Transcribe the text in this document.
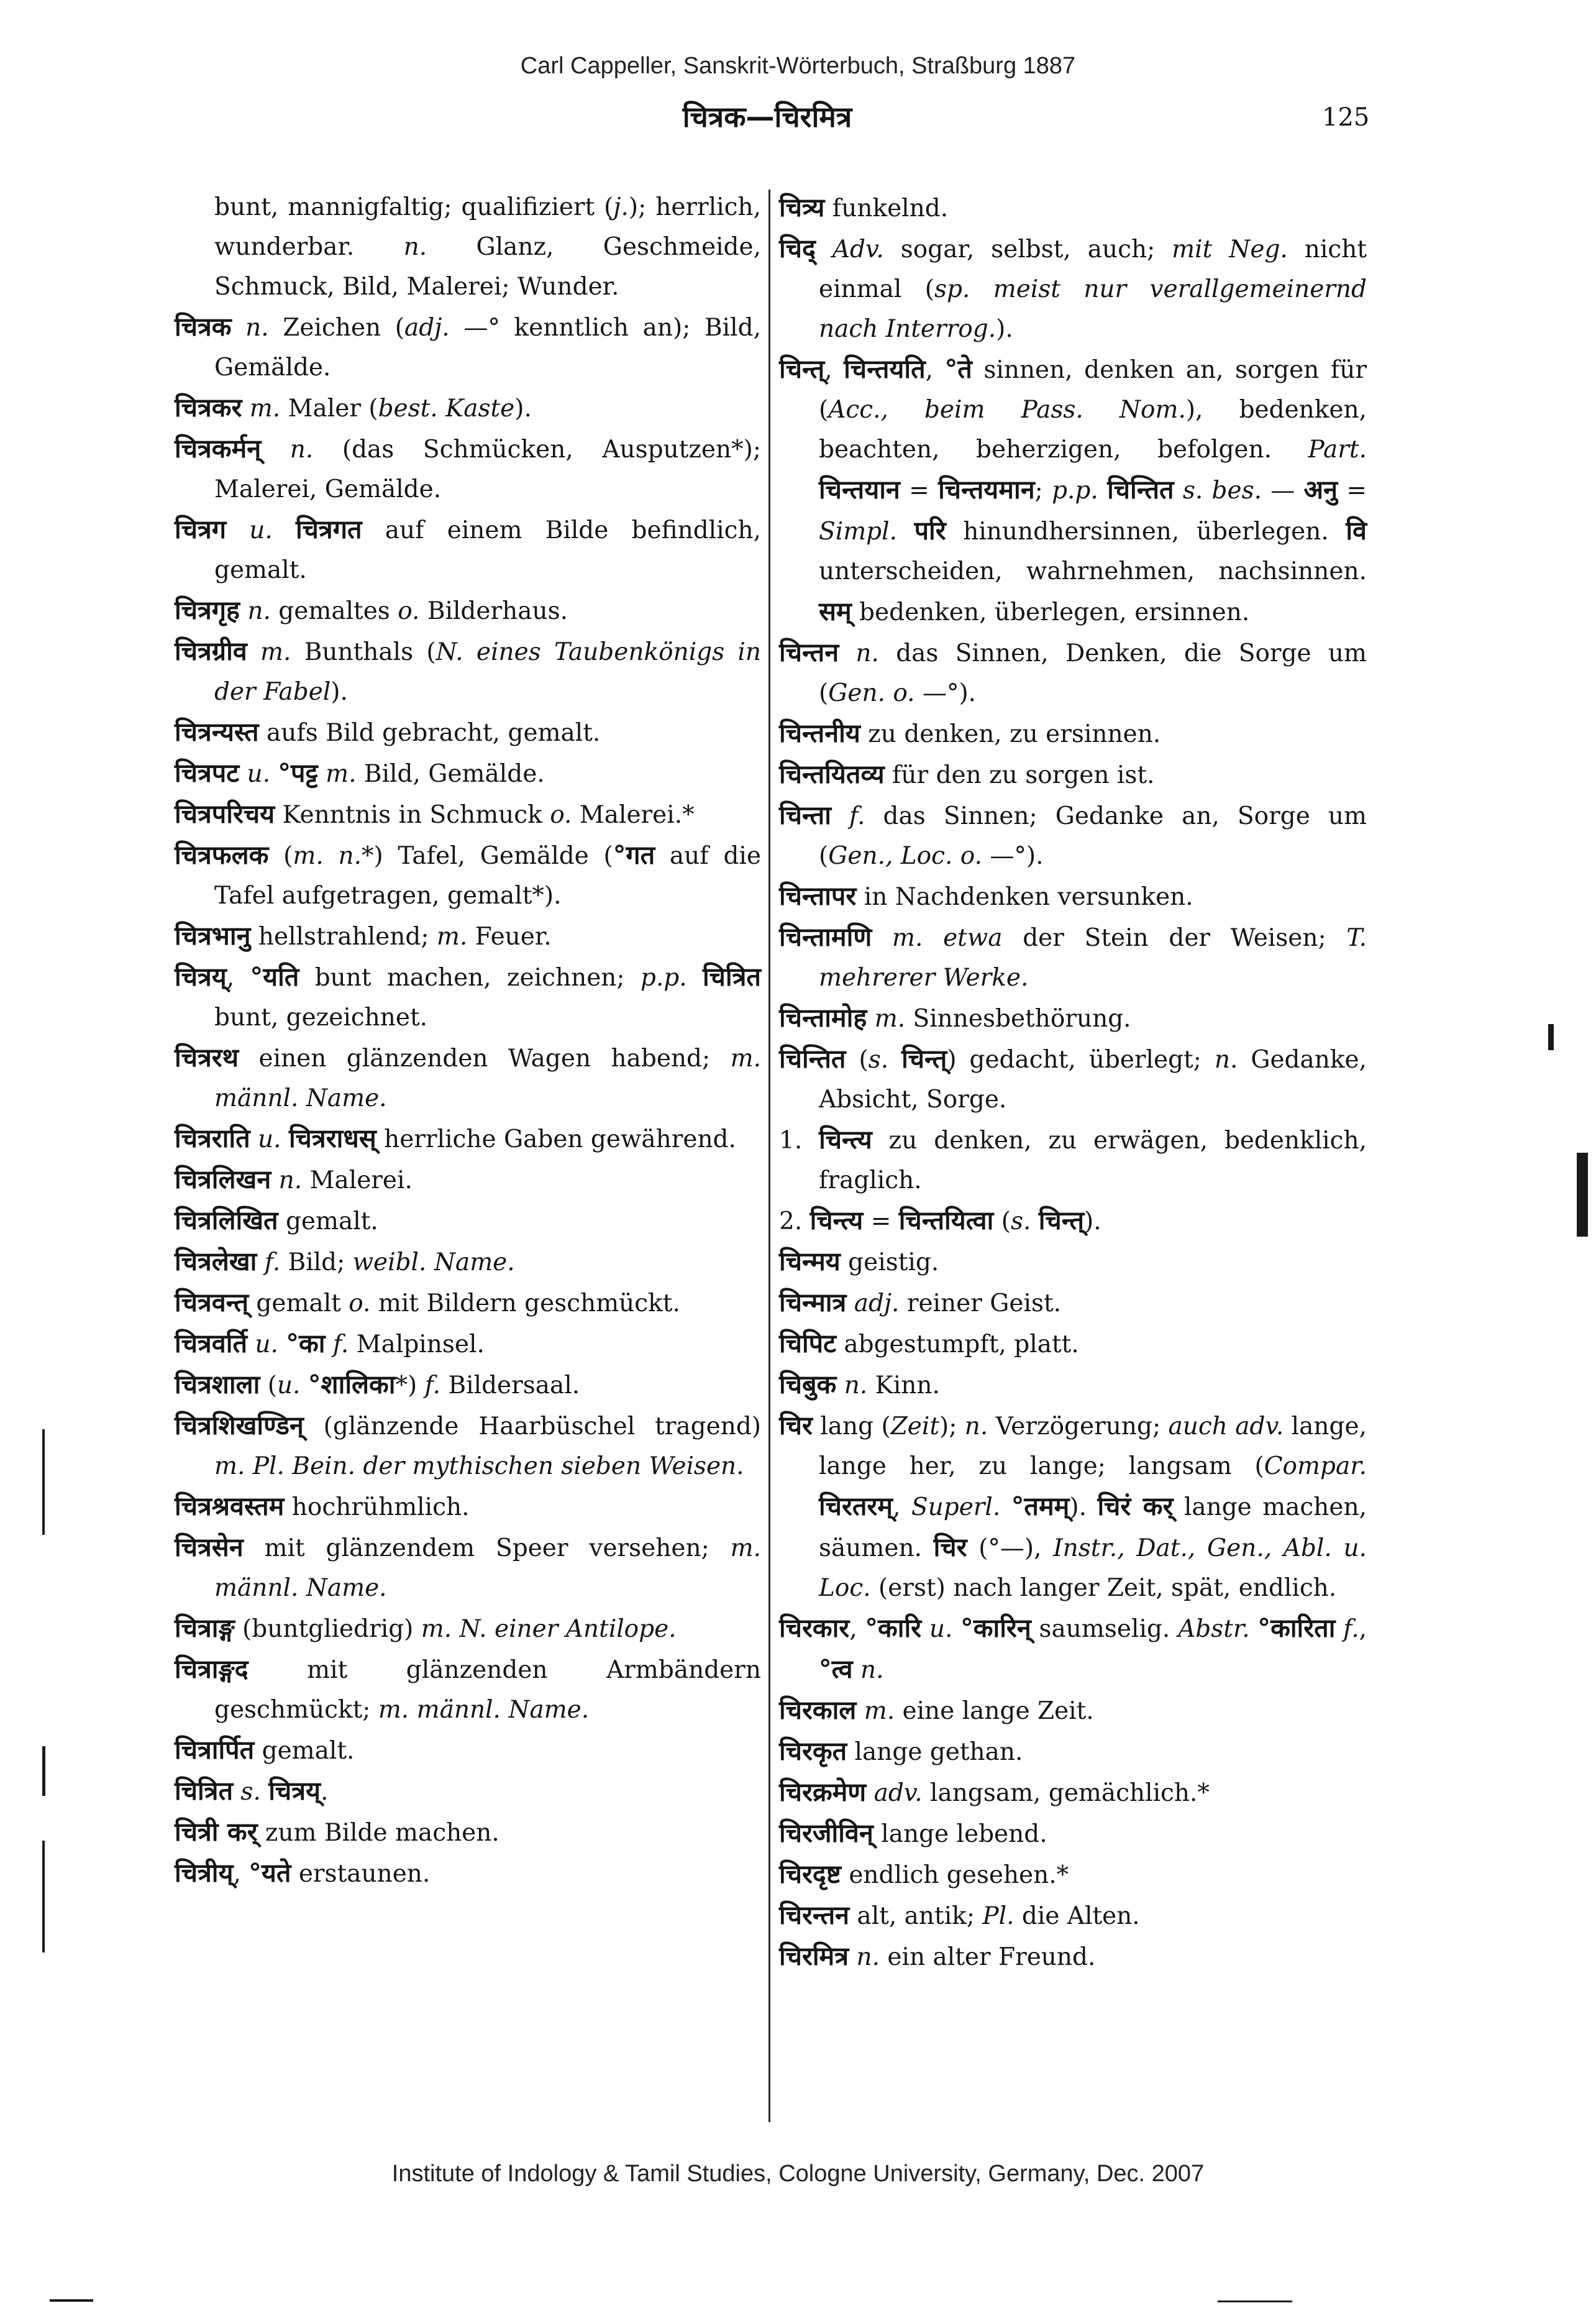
Carl Cappeller, Sanskrit-Wörterbuch, Straßburg 1887
चित्रक—चिरमित्र	125
bunt, mannigfaltig; qualifiziert (j.); herrlich, wunderbar. n. Glanz, Geschmeide, Schmuck, Bild, Malerei; Wunder.
चित्रक n. Zeichen (adj. —° kenntlich an); Bild, Gemälde.
चित्रकर m. Maler (best. Kaste).
चित्रकर्मन् n. (das Schmücken, Ausputzen*); Malerei, Gemälde.
चित्रग u. चित्रगत auf einem Bilde befindlich, gemalt.
चित्रगृह n. gemaltes o. Bilderhaus.
चित्रग्रीव m. Bunthals (N. eines Taubenkönigs in der Fabel).
चित्रन्यस्त aufs Bild gebracht, gemalt.
चित्रपट u. °पट्ट m. Bild, Gemälde.
चित्रपरिचय Kenntnis in Schmuck o. Malerei.*
चित्रफलक (m. n.*) Tafel, Gemälde (°गत auf die Tafel aufgetragen, gemalt*).
चित्रभानु hellstrahlend; m. Feuer.
चित्रय्, °यति bunt machen, zeichnen; p.p. चित्रित bunt, gezeichnet.
चित्ररथ einen glänzenden Wagen habend; m. männl. Name.
चित्रराति u. चित्रराधस् herrliche Gaben gewährend.
चित्रलिखन n. Malerei.
चित्रलिखित gemalt.
चित्रलेखा f. Bild; weibl. Name.
चित्रवन्त् gemalt o. mit Bildern geschmückt.
चित्रवर्ति u. °का f. Malpinsel.
चित्रशाला (u. °शालिका*) f. Bildersaal.
चित्रशिखण्डिन् (glänzende Haarbüschel tragend) m. Pl. Bein. der mythischen sieben Weisen.
चित्रश्रवस्तम hochrühmlich.
चित्रसेन mit glänzendem Speer versehen; m. männl. Name.
चित्राङ्ग (buntgliedrig) m. N. einer Antilope.
चित्राङ्गद mit glänzenden Armbändern geschmückt; m. männl. Name.
चित्रार्पित gemalt.
चित्रित s. चित्रय्.
चित्री कर् zum Bilde machen.
चित्रीय्, °यते erstaunen.
चित्र्य funkelnd.
चिद् Adv. sogar, selbst, auch; mit Neg. nicht einmal (sp. meist nur verallgemeinernd nach Interrog.).
चिन्त्, चिन्तयति, °ते sinnen, denken an, sorgen für (Acc., beim Pass. Nom.), bedenken, beachten, beherzigen, befolgen. Part. चिन्तयान = चिन्तयमान; p.p. चिन्तित s. bes. — अनु = Simpl. परि hinundhersinnen, überlegen. वि unterscheiden, wahrnehmen, nachsinnen. सम् bedenken, überlegen, ersinnen.
चिन्तन n. das Sinnen, Denken, die Sorge um (Gen. o. —°).
चिन्तनीय zu denken, zu ersinnen.
चिन्तयितव्य für den zu sorgen ist.
चिन्ता f. das Sinnen; Gedanke an, Sorge um (Gen., Loc. o. —°).
चिन्तापर in Nachdenken versunken.
चिन्तामणि m. etwa der Stein der Weisen; T. mehrerer Werke.
चिन्तामोह m. Sinnesbethörung.
चिन्तित (s. चिन्त्) gedacht, überlegt; n. Gedanke, Absicht, Sorge.
1. चिन्त्य zu denken, zu erwägen, bedenklich, fraglich.
2. चिन्त्य = चिन्तयित्वा (s. चिन्त्).
चिन्मय geistig.
चिन्मात्र adj. reiner Geist.
चिपिट abgestumpft, platt.
चिबुक n. Kinn.
चिर lang (Zeit); n. Verzögerung; auch adv. lange, lange her, zu lange; langsam (Compar. चिरतरम्, Superl. °तमम्). चिरं कर् lange machen, säumen. चिर (°—), Instr., Dat., Gen., Abl. u. Loc. (erst) nach langer Zeit, spät, endlich.
चिरकार, °कारि u. °कारिन् saumselig. Abstr. °कारिता f., °त्व n.
चिरकाल m. eine lange Zeit.
चिरकृत lange gethan.
चिरक्रमेण adv. langsam, gemächlich.*
चिरजीविन् lange lebend.
चिरदृष्ट endlich gesehen.*
चिरन्तन alt, antik; Pl. die Alten.
चिरमित्र n. ein alter Freund.
Institute of Indology & Tamil Studies, Cologne University, Germany, Dec. 2007
